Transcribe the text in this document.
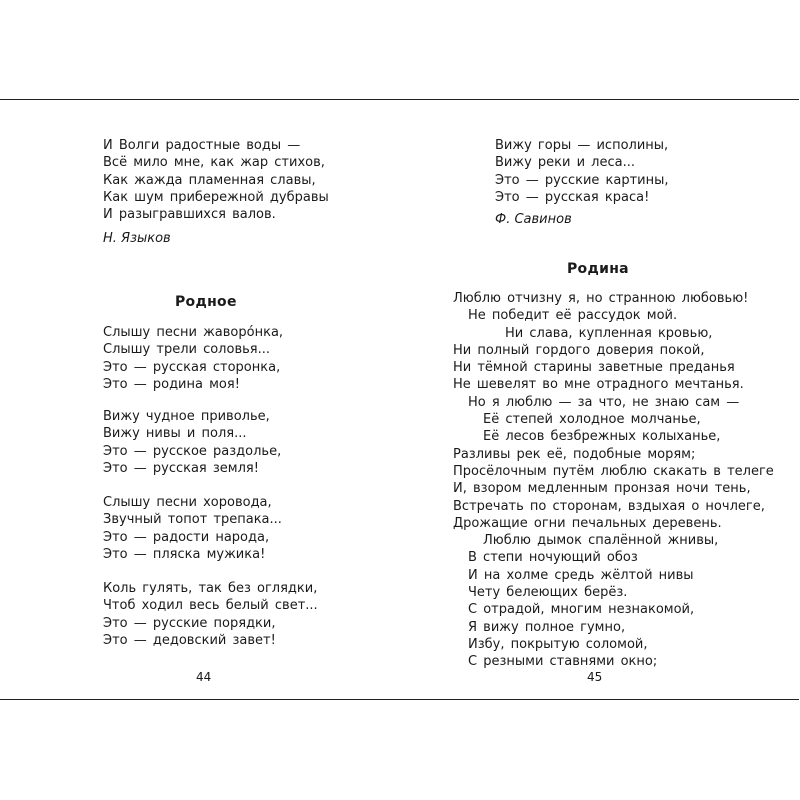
И Волги радостные воды —
Всё мило мне, как жар стихов,
Как жажда пламенная славы,
Как шум прибережной дубравы
И разыгравшихся валов.
Н. Языков
Родное
Слышу песни жаворо́нка,
Слышу трели соловья...
Это — русская сторонка,
Это — родина моя!
Вижу чудное приволье,
Вижу нивы и поля...
Это — русское раздолье,
Это — русская земля!
Слышу песни хоровода,
Звучный топот трепака...
Это — радости народа,
Это — пляска мужика!
Коль гулять, так без оглядки,
Чтоб ходил весь белый свет...
Это — русские порядки,
Это — дедовский завет!
44
Вижу горы — исполины,
Вижу реки и леса...
Это — русские картины,
Это — русская краса!
Ф. Савинов
Родина
Люблю отчизну я, но странною любовью!
Не победит её рассудок мой.
Ни слава, купленная кровью,
Ни полный гордого доверия покой,
Ни тёмной старины заветные преданья
Не шевелят во мне отрадного мечтанья.
Но я люблю — за что, не знаю сам —
Её степей холодное молчанье,
Её лесов безбрежных колыханье,
Разливы рек её, подобные морям;
Просёлочным путём люблю скакать в телеге
И, взором медленным пронзая ночи тень,
Встречать по сторонам, вздыхая о ночлеге,
Дрожащие огни печальных деревень.
Люблю дымок спалённой жнивы,
В степи ночующий обоз
И на холме средь жёлтой нивы
Чету белеющих берёз.
С отрадой, многим незнакомой,
Я вижу полное гумно,
Избу, покрытую соломой,
С резными ставнями окно;
45
